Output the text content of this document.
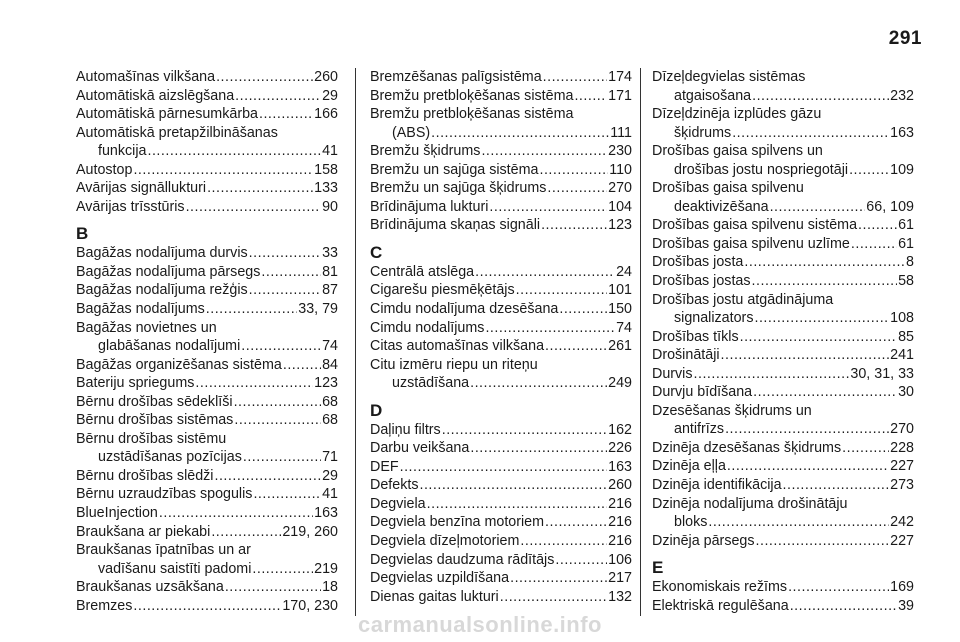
291
Automašīnas vilkšana .....	260
Automātiskā aizslēgšana .....	29
Automātiskā pārnesumkārba .....	166
Automātiskā pretapžilbināšanas
funkcija .....	41
Autostop .....	158
Avārijas signāllukturi .....	133
Avārijas trīsstūris .....	90
B
Bagāžas nodalījuma durvis .....	33
Bagāžas nodalījuma pārsegs .....	81
Bagāžas nodalījuma režģis .....	87
Bagāžas nodalījums .....	33, 79
Bagāžas novietnes un
glabāšanas nodalījumi .....	74
Bagāžas organizēšanas sistēma .....	84
Bateriju spriegums .....	123
Bērnu drošības sēdeklīši .....	68
Bērnu drošības sistēmas .....	68
Bērnu drošības sistēmu
uzstādīšanas pozīcijas .....	71
Bērnu drošības slēdži .....	29
Bērnu uzraudzības spogulis .....	41
BlueInjection .....	163
Braukšana ar piekabi .....	219, 260
Braukšanas īpatnības un ar
vadīšanu saistīti padomi .....	219
Braukšanas uzsākšana .....	18
Bremzes .....	170, 230
Bremzēšanas palīgsistēma .....	174
Bremžu pretbloķēšanas sistēma ..... 171
Bremžu pretbloķēšanas sistēma
(ABS) .....	111
Bremžu šķidrums .....	230
Bremžu un sajūga sistēma .....	110
Bremžu un sajūga šķidrums .....	270
Brīdinājuma lukturi .....	104
Brīdinājuma skaņas signāli .....	123
C
Centrālā atslēga .....	24
Cigarešu piesmēķētājs .....	101
Cimdu nodalījuma dzesēšana .....	150
Cimdu nodalījums .....	74
Citas automašīnas vilkšana .....	261
Citu izmēru riepu un riteņu
uzstādīšana .....	249
D
Daļiņu filtrs .....	162
Darbu veikšana .....	226
DEF .....	163
Defekts .....	260
Degviela .....	216
Degviela benzīna motoriem .....	216
Degviela dīzeļmotoriem .....	216
Degvielas daudzuma rādītājs .....	106
Degvielas uzpildīšana .....	217
Dienas gaitas lukturi .....	132
Dīzeļdegvielas sistēmas
atgaisošana .....	232
Dīzeļdzinēja izplūdes gāzu
šķidrums .....	163
Drošības gaisa spilvens un
drošības jostu nospriegotāji .....	109
Drošības gaisa spilvenu
deaktivizēšana .....	66, 109
Drošības gaisa spilvenu sistēma .....	61
Drošības gaisa spilvenu uzlīme .....	61
Drošības josta .....	8
Drošības jostas .....	58
Drošības jostu atgādinājuma
signalizators .....	108
Drošības tīkls .....	85
Drošinātāji .....	241
Durvis .....	30, 31, 33
Durvju bīdīšana .....	30
Dzesēšanas šķidrums un
antifrīzs .....	270
Dzinēja dzesēšanas šķidrums .....	228
Dzinēja eļļa .....	227
Dzinēja identifikācija .....	273
Dzinēja nodalījuma drošinātāju
bloks .....	242
Dzinēja pārsegs .....	227
E
Ekonomiskais režīms .....	169
Elektriskā regulēšana .....	39
carmanualsonline.info
